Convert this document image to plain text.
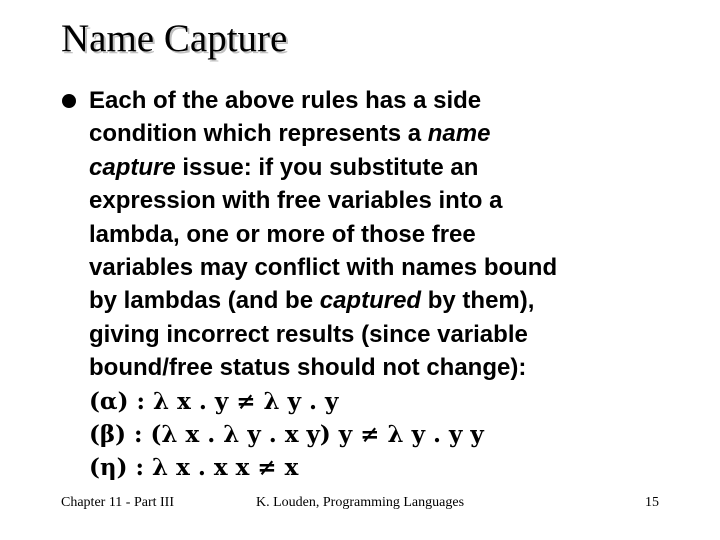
Name Capture
Each of the above rules has a side
condition which represents a name
capture issue: if you substitute an
expression with free variables into a
lambda, one or more of those free
variables may conflict with names bound
by lambdas (and be captured by them),
giving incorrect results (since variable
bound/free status should not change):
(α) : λ x . y ≠ λ y . y
(β) : (λ x . λ y . x y) y ≠ λ y . y y
(η) : λ x . x x ≠ x
Chapter 11 - Part III	K. Louden, Programming Languages	15
